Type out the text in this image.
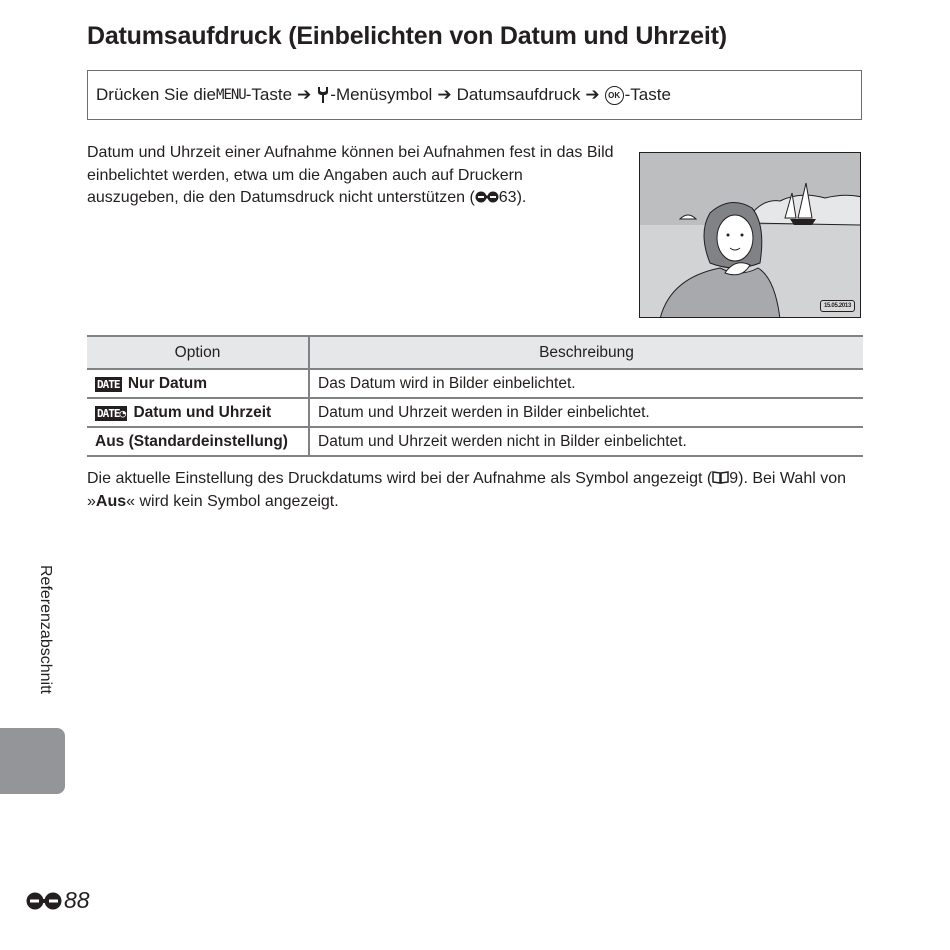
Datumsaufdruck (Einbelichten von Datum und Uhrzeit)
Drücken Sie die MENU -Taste ➔ -Menüsymbol ➔ Datumsaufdruck ➔	OK -Taste

Datum und Uhrzeit einer Aufnahme können bei Aufnahmen fest in das Bild einbelichtet werden, etwa um die Angaben auch auf Druckern auszugeben, die den Datumsdruck nicht unterstützen ( 63).

15.05.2013
Option	Beschreibung
DATE Nur Datum	Das Datum wird in Bilder einbelichtet.
DATE◔ Datum und Uhrzeit	Datum und Uhrzeit werden in Bilder einbelichtet.
Aus (Standardeinstellung)	Datum und Uhrzeit werden nicht in Bilder einbelichtet.

Die aktuelle Einstellung des Druckdatums wird bei der Aufnahme als Symbol angezeigt ( 9). Bei Wahl von »Aus« wird kein Symbol angezeigt.

Referenzabschnitt
88
